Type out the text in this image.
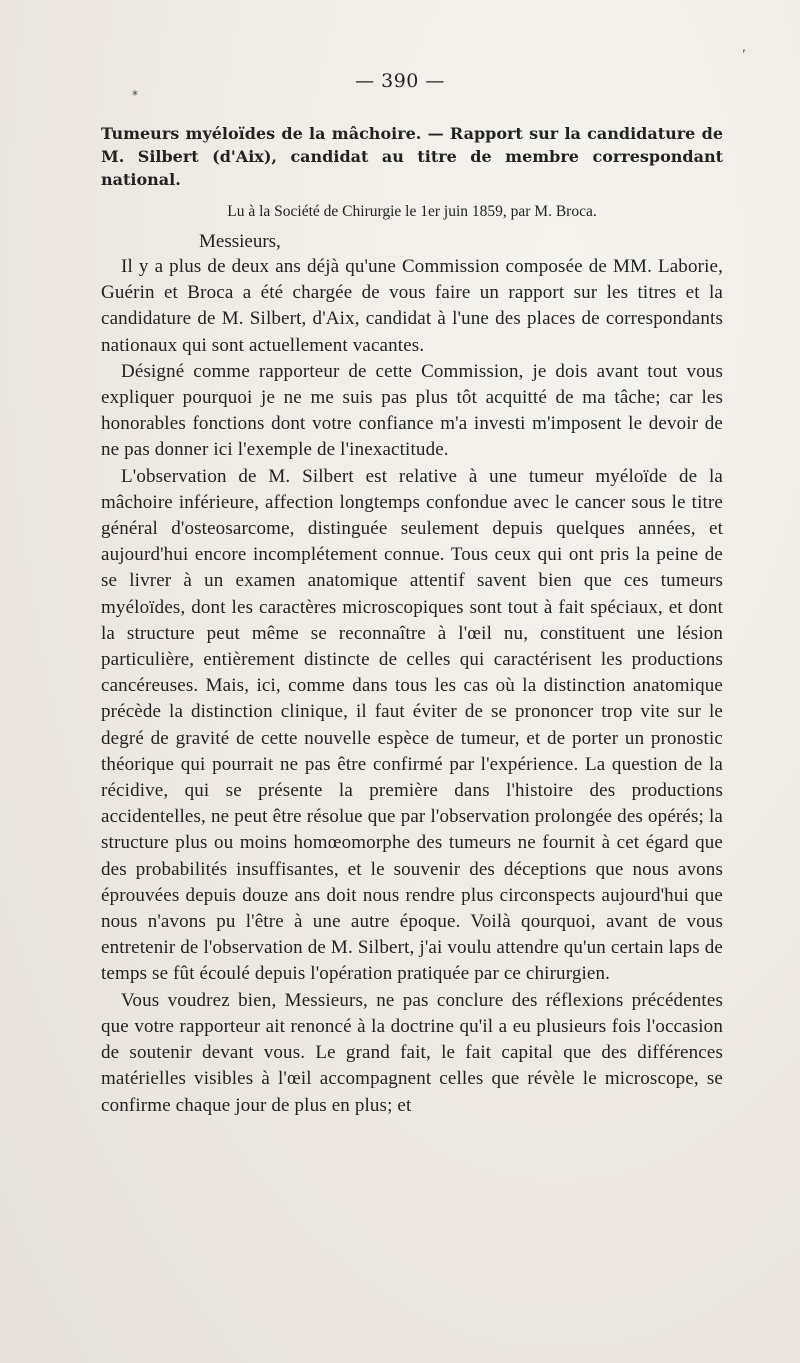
*
,
— 390 —

Tumeurs myéloïdes de la mâchoire. — Rapport sur la candidature de M. Silbert (d'Aix), candidat au titre de membre correspondant national.

Lu à la Société de Chirurgie le 1er juin 1859, par M. Broca.

Messieurs,

Il y a plus de deux ans déjà qu'une Commission composée de MM. Laborie, Guérin et Broca a été chargée de vous faire un rapport sur les titres et la candidature de M. Silbert, d'Aix, candidat à l'une des places de correspondants nationaux qui sont actuellement vacantes.

Désigné comme rapporteur de cette Commission, je dois avant tout vous expliquer pourquoi je ne me suis pas plus tôt acquitté de ma tâche; car les honorables fonctions dont votre confiance m'a investi m'imposent le devoir de ne pas donner ici l'exemple de l'inexactitude.

L'observation de M. Silbert est relative à une tumeur myéloïde de la mâchoire inférieure, affection longtemps confondue avec le cancer sous le titre général d'osteosarcome, distinguée seulement depuis quelques années, et aujourd'hui encore incomplétement connue. Tous ceux qui ont pris la peine de se livrer à un examen anatomique attentif savent bien que ces tumeurs myéloïdes, dont les caractères microscopiques sont tout à fait spéciaux, et dont la structure peut même se reconnaître à l'œil nu, constituent une lésion particulière, entièrement distincte de celles qui caractérisent les productions cancéreuses. Mais, ici, comme dans tous les cas où la distinction anatomique précède la distinction clinique, il faut éviter de se prononcer trop vite sur le degré de gravité de cette nouvelle espèce de tumeur, et de porter un pronostic théorique qui pourrait ne pas être confirmé par l'expérience. La question de la récidive, qui se présente la première dans l'histoire des productions accidentelles, ne peut être résolue que par l'observation prolongée des opérés; la structure plus ou moins homœomorphe des tumeurs ne fournit à cet égard que des probabilités insuffisantes, et le souvenir des déceptions que nous avons éprouvées depuis douze ans doit nous rendre plus circonspects aujourd'hui que nous n'avons pu l'être à une autre époque. Voilà qourquoi, avant de vous entretenir de l'observation de M. Silbert, j'ai voulu attendre qu'un certain laps de temps se fût écoulé depuis l'opération pratiquée par ce chirurgien.

Vous voudrez bien, Messieurs, ne pas conclure des réflexions précédentes que votre rapporteur ait renoncé à la doctrine qu'il a eu plusieurs fois l'occasion de soutenir devant vous. Le grand fait, le fait capital que des différences matérielles visibles à l'œil accompagnent celles que révèle le microscope, se confirme chaque jour de plus en plus; et
